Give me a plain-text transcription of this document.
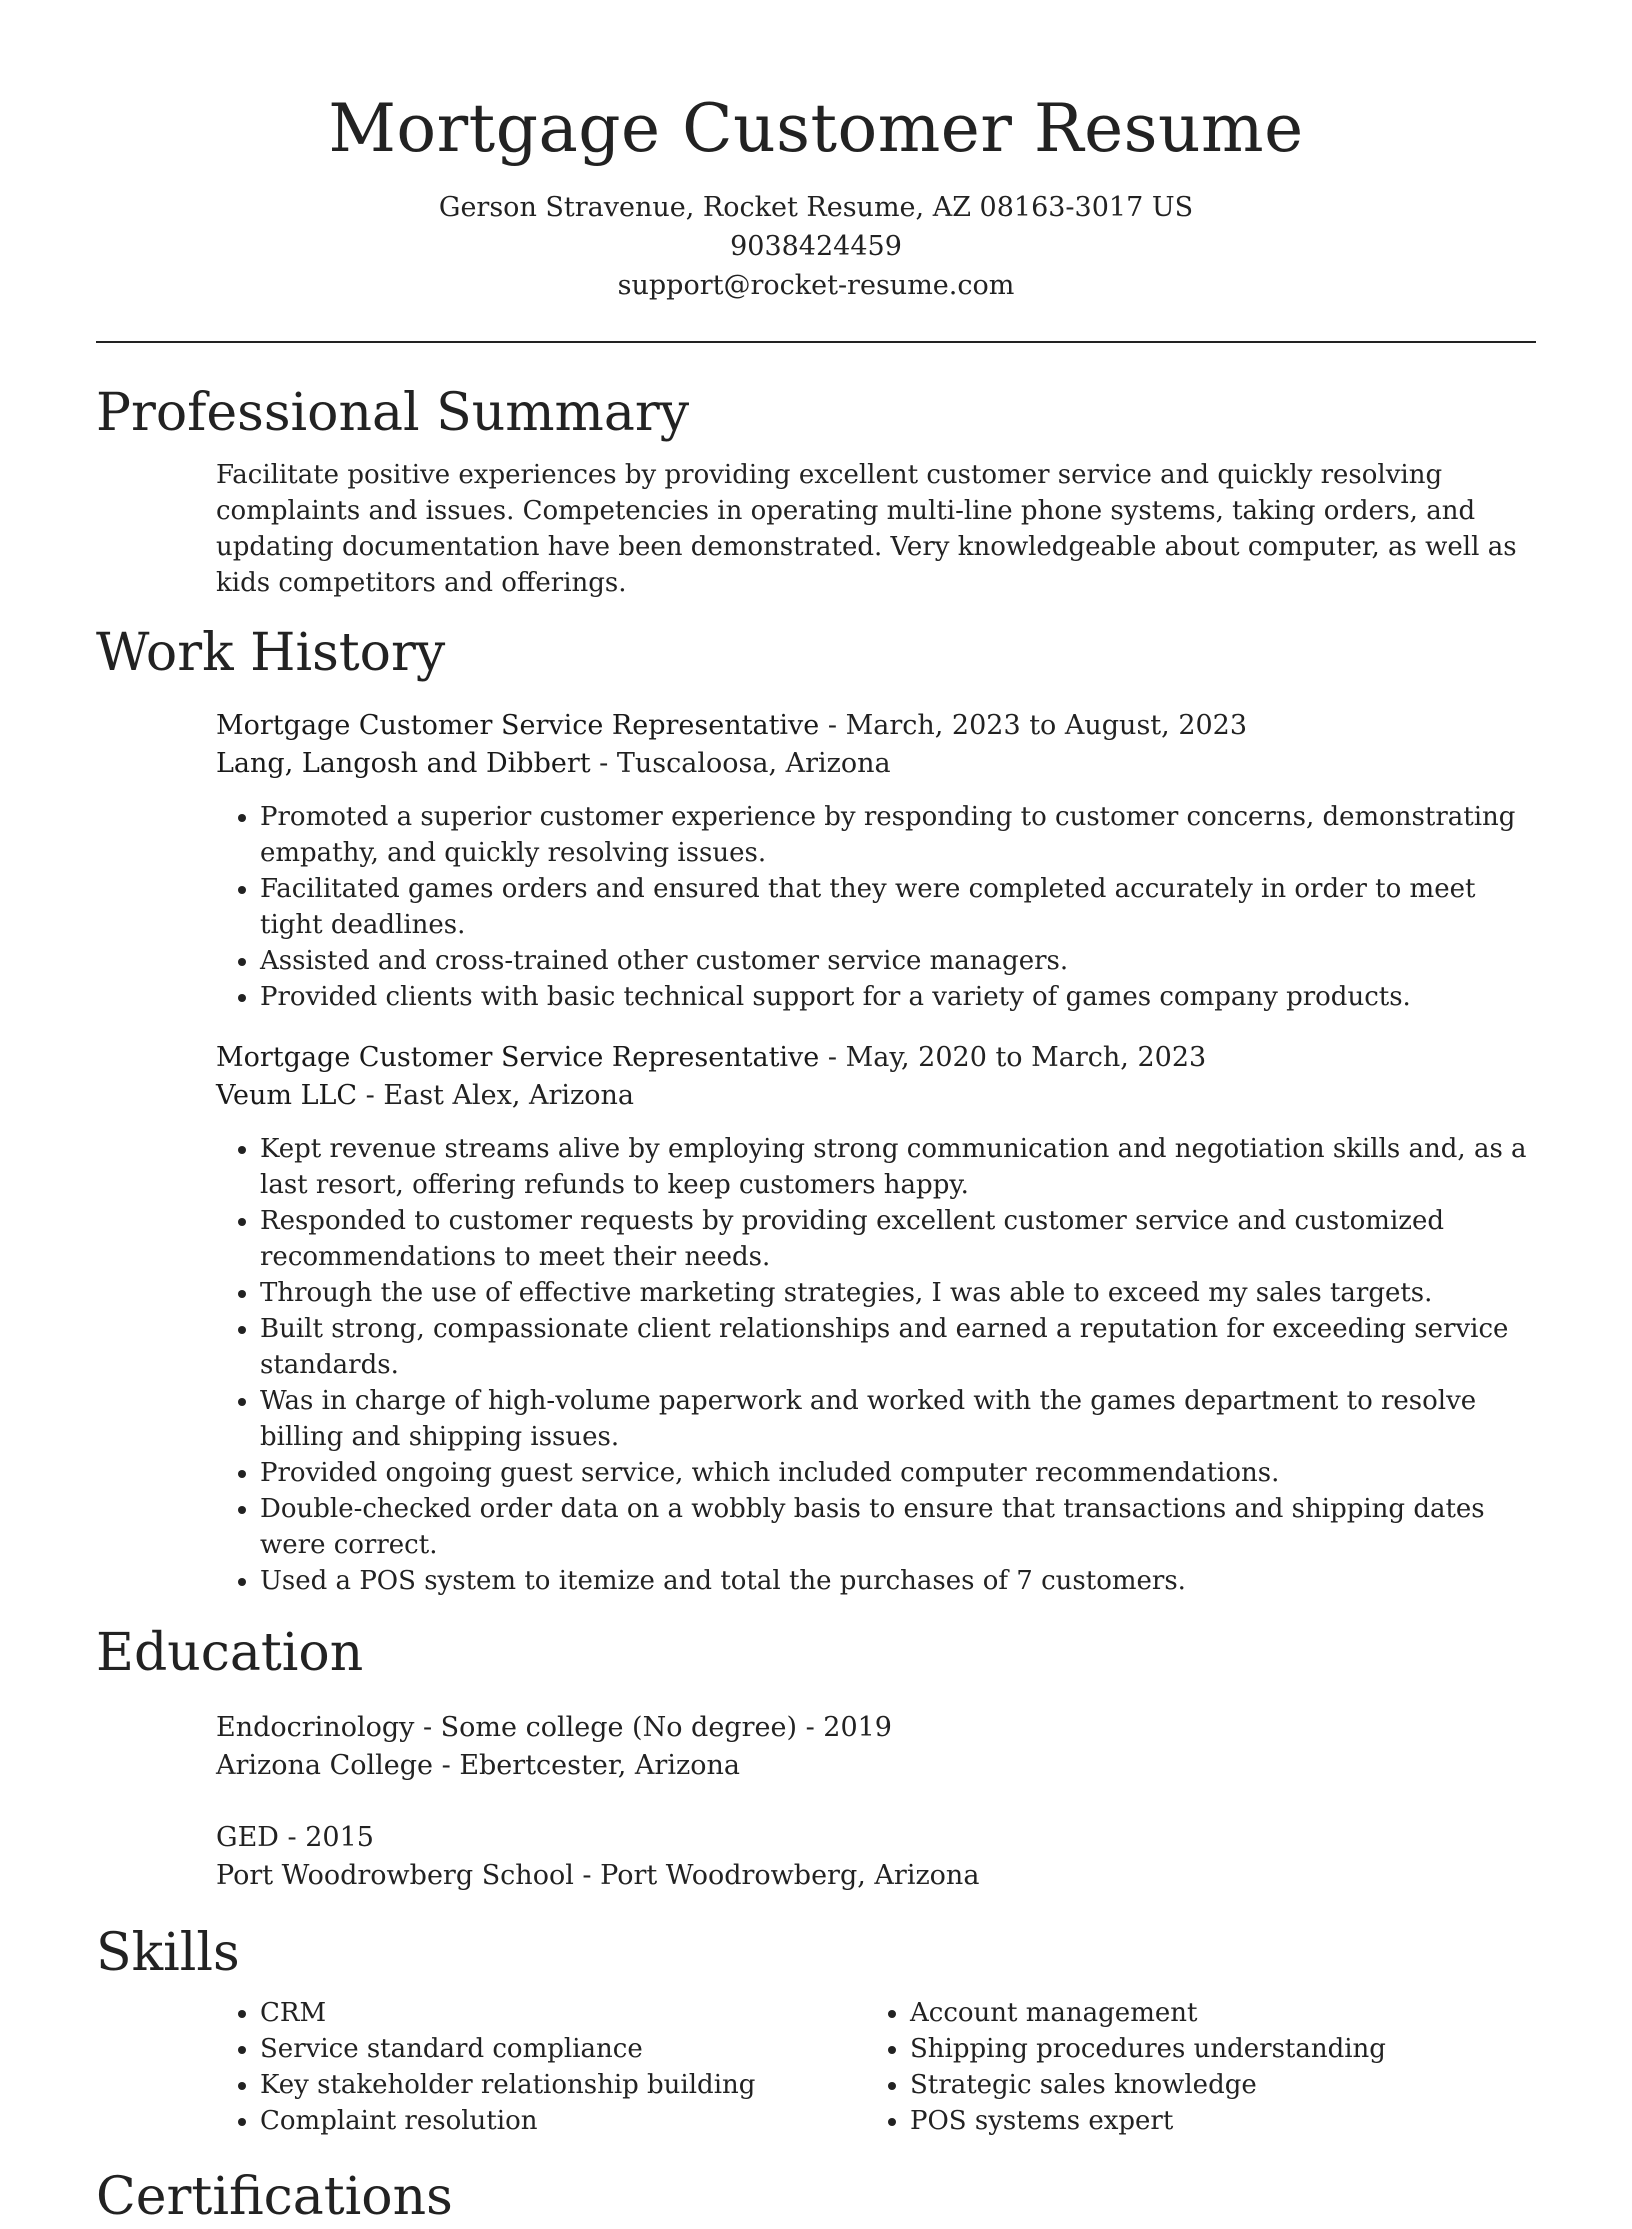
Mortgage Customer Resume
Gerson Stravenue, Rocket Resume, AZ 08163-3017 US
9038424459
support@rocket-resume.com
Professional Summary
Facilitate positive experiences by providing excellent customer service and quickly resolving complaints and issues. Competencies in operating multi-line phone systems, taking orders, and updating documentation have been demonstrated. Very knowledgeable about computer, as well as kids competitors and offerings.
Work History
Mortgage Customer Service Representative - March, 2023 to August, 2023
Lang, Langosh and Dibbert - Tuscaloosa, Arizona
• Promoted a superior customer experience by responding to customer concerns, demonstrating empathy, and quickly resolving issues.
• Facilitated games orders and ensured that they were completed accurately in order to meet tight deadlines.
• Assisted and cross-trained other customer service managers.
• Provided clients with basic technical support for a variety of games company products.
Mortgage Customer Service Representative - May, 2020 to March, 2023
Veum LLC - East Alex, Arizona
• Kept revenue streams alive by employing strong communication and negotiation skills and, as a last resort, offering refunds to keep customers happy.
• Responded to customer requests by providing excellent customer service and customized recommendations to meet their needs.
• Through the use of effective marketing strategies, I was able to exceed my sales targets.
• Built strong, compassionate client relationships and earned a reputation for exceeding service standards.
• Was in charge of high-volume paperwork and worked with the games department to resolve billing and shipping issues.
• Provided ongoing guest service, which included computer recommendations.
• Double-checked order data on a wobbly basis to ensure that transactions and shipping dates were correct.
• Used a POS system to itemize and total the purchases of 7 customers.
Education
Endocrinology - Some college (No degree) - 2019
Arizona College - Ebertcester, Arizona
GED - 2015
Port Woodrowberg School - Port Woodrowberg, Arizona
Skills
• CRM
• Service standard compliance
• Key stakeholder relationship building
• Complaint resolution
• Account management
• Shipping procedures understanding
• Strategic sales knowledge
• POS systems expert
Certifications
